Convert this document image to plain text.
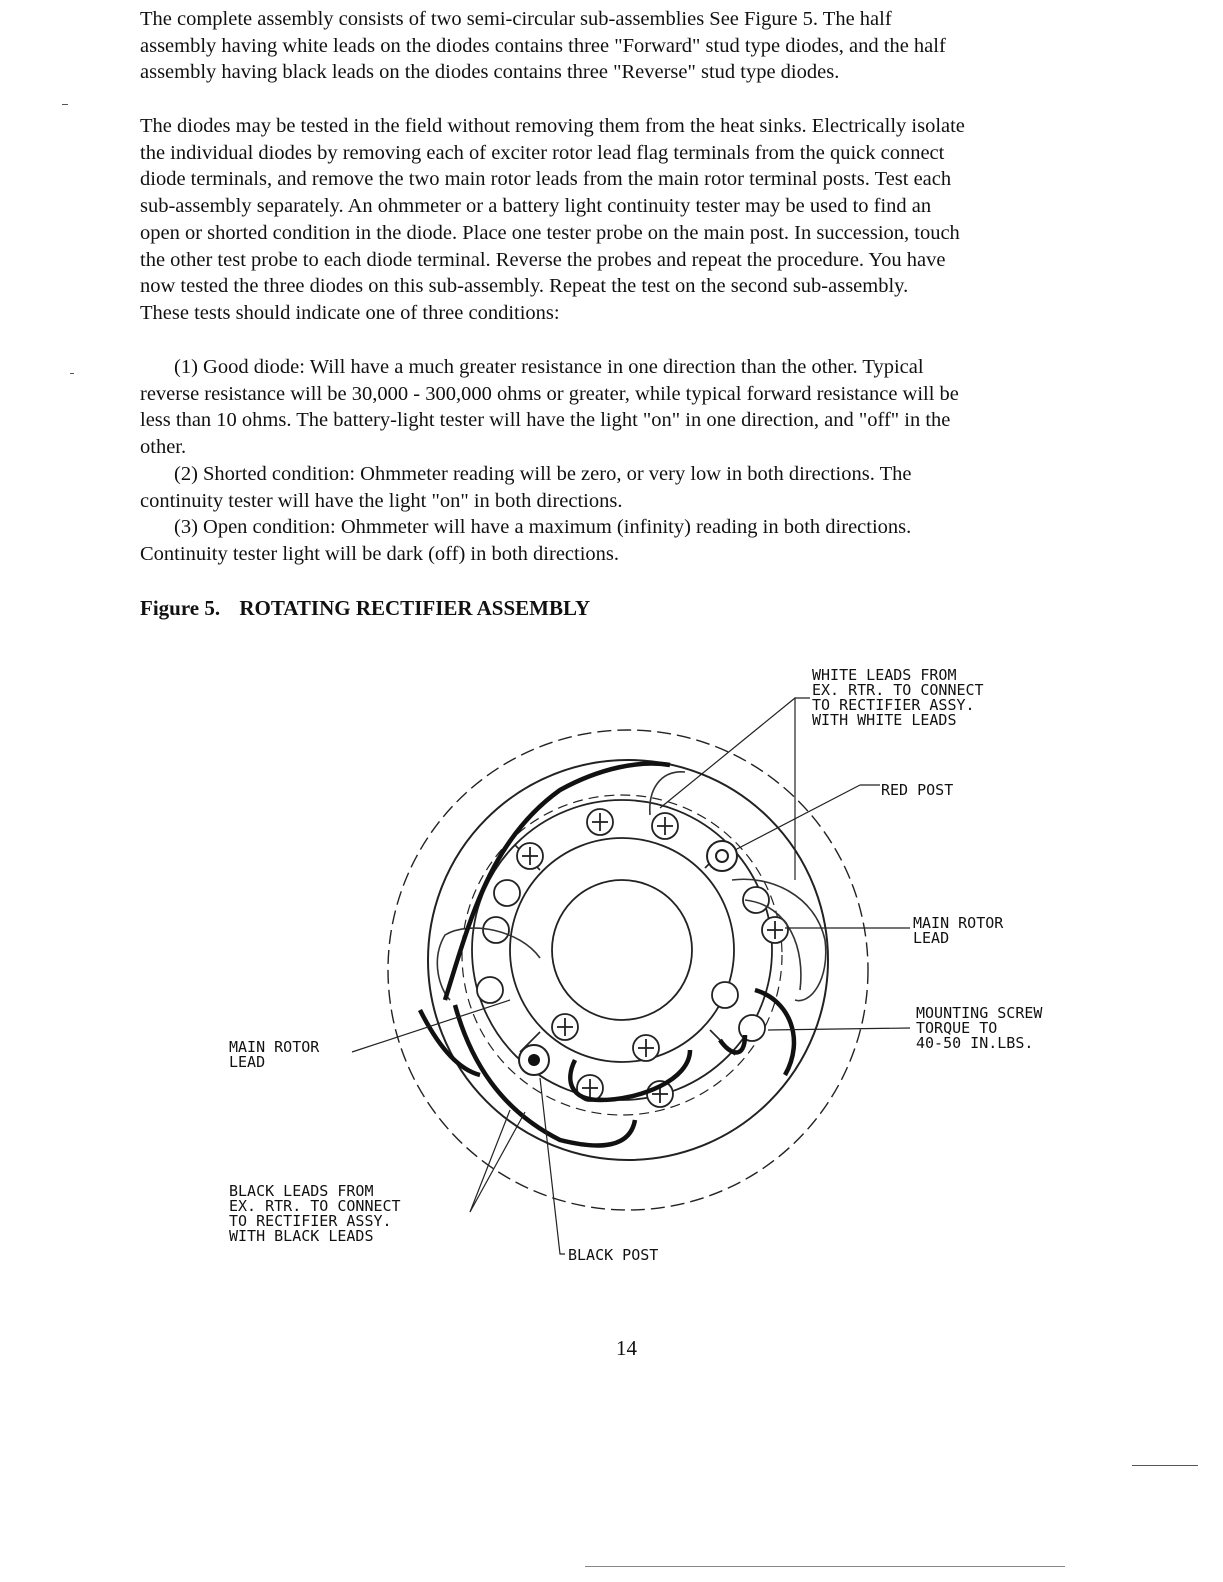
The complete assembly consists of two semi-circular sub-assemblies See Figure 5. The half
assembly having white leads on the diodes contains three "Forward" stud type diodes, and the half
assembly having black leads on the diodes contains three "Reverse" stud type diodes.
The diodes may be tested in the field without removing them from the heat sinks. Electrically isolate
the individual diodes by removing each of exciter rotor lead flag terminals from the quick connect
diode terminals, and remove the two main rotor leads from the main rotor terminal posts. Test each
sub-assembly separately. An ohmmeter or a battery light continuity tester may be used to find an
open or shorted condition in the diode. Place one tester probe on the main post. In succession, touch
the other test probe to each diode terminal. Reverse the probes and repeat the procedure. You have
now tested the three diodes on this sub-assembly. Repeat the test on the second sub-assembly.
These tests should indicate one of three conditions:
(1) Good diode: Will have a much greater resistance in one direction than the other. Typical
reverse resistance will be 30,000 - 300,000 ohms or greater, while typical forward resistance will be
less than 10 ohms. The battery-light tester will have the light "on" in one direction, and "off" in the
other.
(2) Shorted condition: Ohmmeter reading will be zero, or very low in both directions. The
continuity tester will have the light "on" in both directions.
(3) Open condition: Ohmmeter will have a maximum (infinity) reading in both directions.
Continuity tester light will be dark (off) in both directions.
Figure 5. ROTATING RECTIFIER ASSEMBLY
WHITE LEADS FROM
EX. RTR. TO CONNECT
TO RECTIFIER ASSY.
WITH WHITE LEADS
RED POST
MAIN ROTOR
LEAD
MOUNTING SCREW
TORQUE TO
40-50 IN.LBS.
MAIN ROTOR
LEAD
BLACK LEADS FROM
EX. RTR. TO CONNECT
TO RECTIFIER ASSY.
WITH BLACK LEADS
BLACK POST
14
